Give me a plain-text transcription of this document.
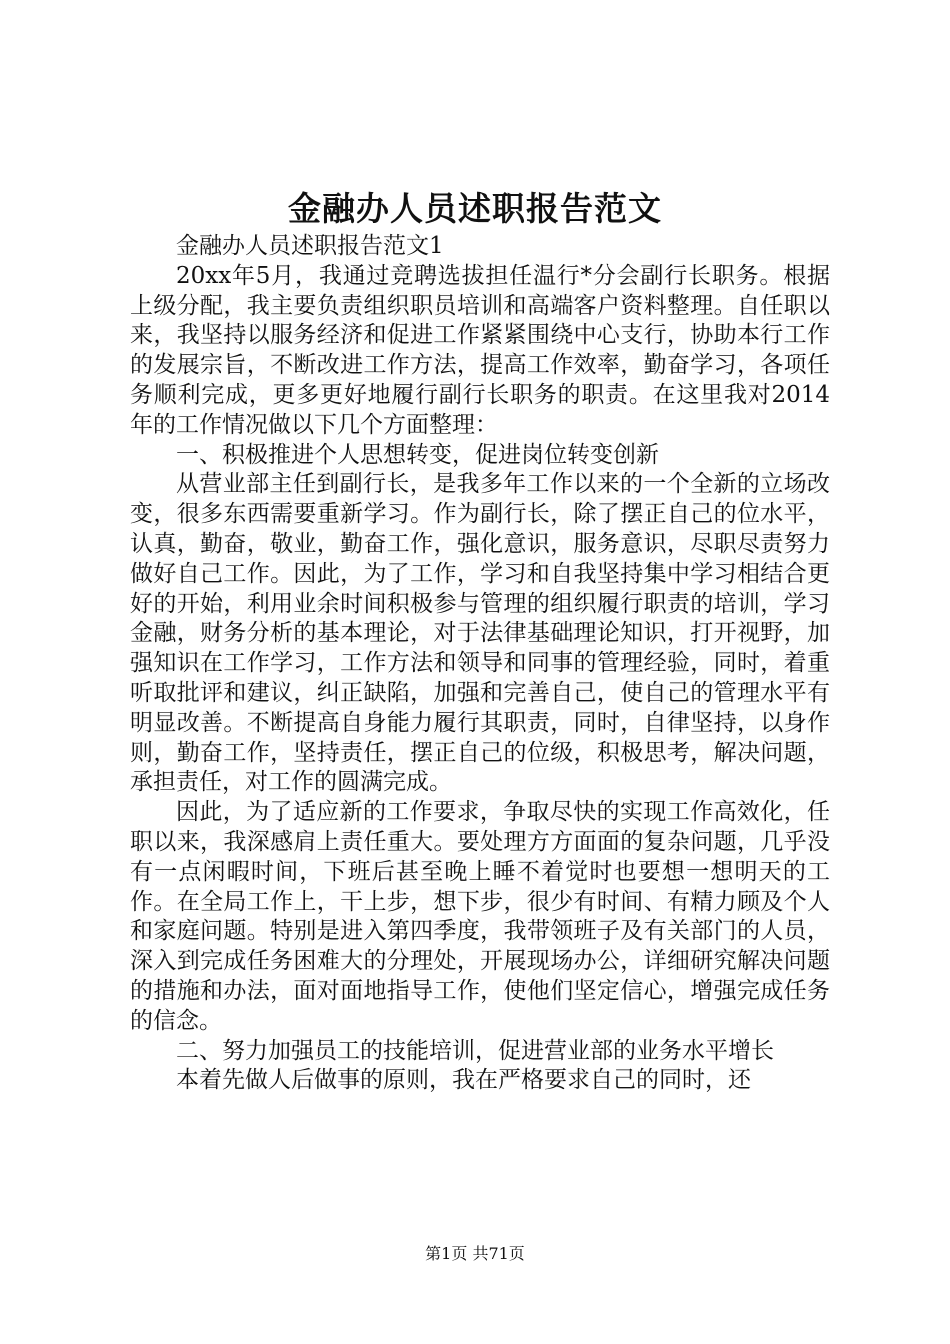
金融办人员述职报告范文

金融办人员述职报告范文1

20xx年5月，我通过竞聘选拔担任温行*分会副行长职务。根据上级分配，我主要负责组织职员培训和高端客户资料整理。自任职以来，我坚持以服务经济和促进工作紧紧围绕中心支行，协助本行工作的发展宗旨，不断改进工作方法，提高工作效率，勤奋学习，各项任务顺利完成，更多更好地履行副行长职务的职责。在这里我对2014年的工作情况做以下几个方面整理：

一、积极推进个人思想转变，促进岗位转变创新

从营业部主任到副行长，是我多年工作以来的一个全新的立场改变，很多东西需要重新学习。作为副行长，除了摆正自己的位水平，认真，勤奋，敬业，勤奋工作，强化意识，服务意识，尽职尽责努力做好自己工作。因此，为了工作，学习和自我坚持集中学习相结合更好的开始，利用业余时间积极参与管理的组织履行职责的培训，学习金融，财务分析的基本理论，对于法律基础理论知识，打开视野，加强知识在工作学习，工作方法和领导和同事的管理经验，同时，着重听取批评和建议，纠正缺陷，加强和完善自己，使自己的管理水平有明显改善。不断提高自身能力履行其职责，同时，自律坚持，以身作则，勤奋工作，坚持责任，摆正自己的位级，积极思考，解决问题，承担责任，对工作的圆满完成。

因此，为了适应新的工作要求，争取尽快的实现工作高效化，任职以来，我深感肩上责任重大。要处理方方面面的复杂问题，几乎没有一点闲暇时间，下班后甚至晚上睡不着觉时也要想一想明天的工作。在全局工作上，干上步，想下步，很少有时间、有精力顾及个人和家庭问题。特别是进入第四季度，我带领班子及有关部门的人员，深入到完成任务困难大的分理处，开展现场办公，详细研究解决问题的措施和办法，面对面地指导工作，使他们坚定信心，增强完成任务的信念。

二、努力加强员工的技能培训，促进营业部的业务水平增长

本着先做人后做事的原则，我在严格要求自己的同时，还

第1页 共71页
